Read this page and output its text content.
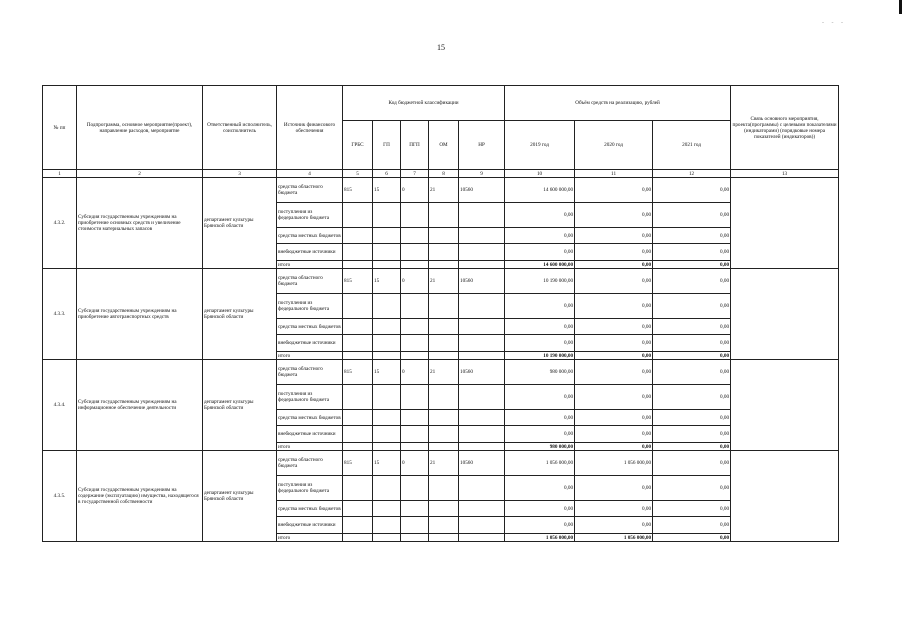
15
- - -
№ пп	Подпрограмма, основное мероприятие(проект), направление расходов, мероприятие	Ответственный исполнитель, соисполнитель	Источник финансового обеспечения	Код бюджетной классификации					Объём средств на реализацию, рублей			Связь основного мероприятия, проекта(программы) с целевыми показателями (индикаторами) (порядковые номера показателей (индикаторов))
				ГРБС	ГП	ПГП	ОМ	НР	2019 год	2020 год	2021 год	
1	2	3	4	5	6	7	8	9	10	11	12	13
4.3.2.	Субсидия государственным учреждениям на приобретение основных средств и увеличение стоимости материальных запасов	департамент культуры Брянской области	средства областного бюджета	815	15	0	21	10560	14 600 000,00	0,00	0,00	
			поступления из федерального бюджета						0,00	0,00	0,00	
			средства местных бюджетов						0,00	0,00	0,00	
			внебюджетные источники						0,00	0,00	0,00	
			итого						14 600 000,00	0,00	0,00	
4.3.3.	Субсидия государственным учреждениям на приобретение автотранспортных средств	департамент культуры Брянской области	средства областного бюджета	815	15	0	21	10560	10 190 000,00	0,00	0,00	
			поступления из федерального бюджета						0,00	0,00	0,00	
			средства местных бюджетов						0,00	0,00	0,00	
			внебюджетные источники						0,00	0,00	0,00	
			итого						10 190 000,00	0,00	0,00	
4.3.4.	Субсидия государственным учреждениям на информационное обеспечение деятельности	департамент культуры Брянской области	средства областного бюджета	815	15	0	21	10560	980 000,00	0,00	0,00	
			поступления из федерального бюджета						0,00	0,00	0,00	
			средства местных бюджетов						0,00	0,00	0,00	
			внебюджетные источники						0,00	0,00	0,00	
			итого						980 000,00	0,00	0,00	
4.3.5.	Субсидия государственным учреждениям на содержание (эксплуатацию) имущества, находящегося в государственной собственности	департамент культуры Брянской области	средства областного бюджета	815	15	0	21	10560	1 056 000,00	1 056 000,00	0,00	
			поступления из федерального бюджета						0,00	0,00	0,00	
			средства местных бюджетов						0,00	0,00	0,00	
			внебюджетные источники						0,00	0,00	0,00	
			итого						1 056 000,00	1 056 000,00	0,00	
